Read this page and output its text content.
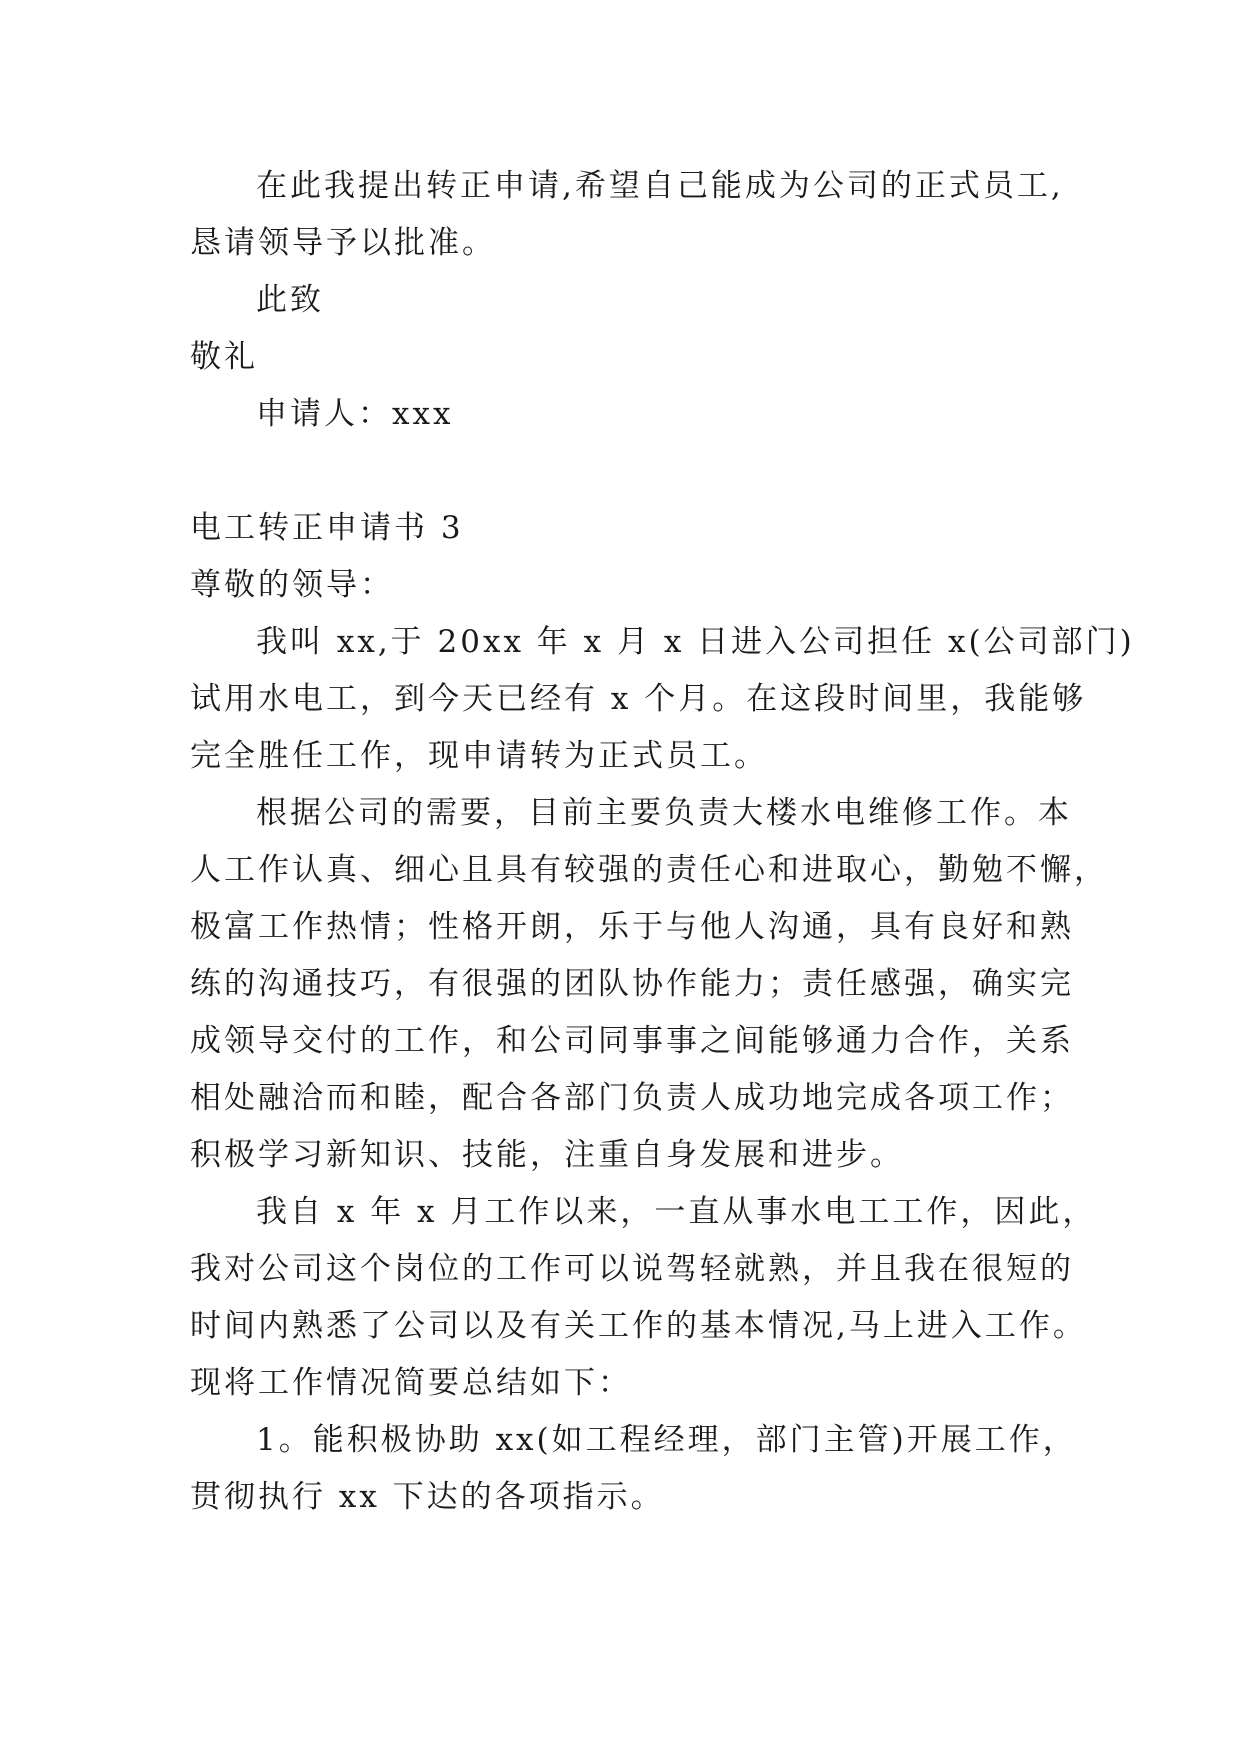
在此我提出转正申请,希望自己能成为公司的正式员工,
恳请领导予以批准。
此致
敬礼
申请人：xxx
电工转正申请书 3
尊敬的领导：
我叫 xx,于 20xx 年 x 月 x 日进入公司担任 x(公司部门)
试用水电工，到今天已经有 x 个月。在这段时间里，我能够
完全胜任工作，现申请转为正式员工。
根据公司的需要，目前主要负责大楼水电维修工作。本
人工作认真、细心且具有较强的责任心和进取心，勤勉不懈，
极富工作热情；性格开朗，乐于与他人沟通，具有良好和熟
练的沟通技巧，有很强的团队协作能力；责任感强，确实完
成领导交付的工作，和公司同事事之间能够通力合作，关系
相处融洽而和睦，配合各部门负责人成功地完成各项工作；
积极学习新知识、技能，注重自身发展和进步。
我自 x 年 x 月工作以来，一直从事水电工工作，因此，
我对公司这个岗位的工作可以说驾轻就熟，并且我在很短的
时间内熟悉了公司以及有关工作的基本情况,马上进入工作。
现将工作情况简要总结如下：
1。能积极协助 xx(如工程经理，部门主管)开展工作，
贯彻执行 xx 下达的各项指示。
